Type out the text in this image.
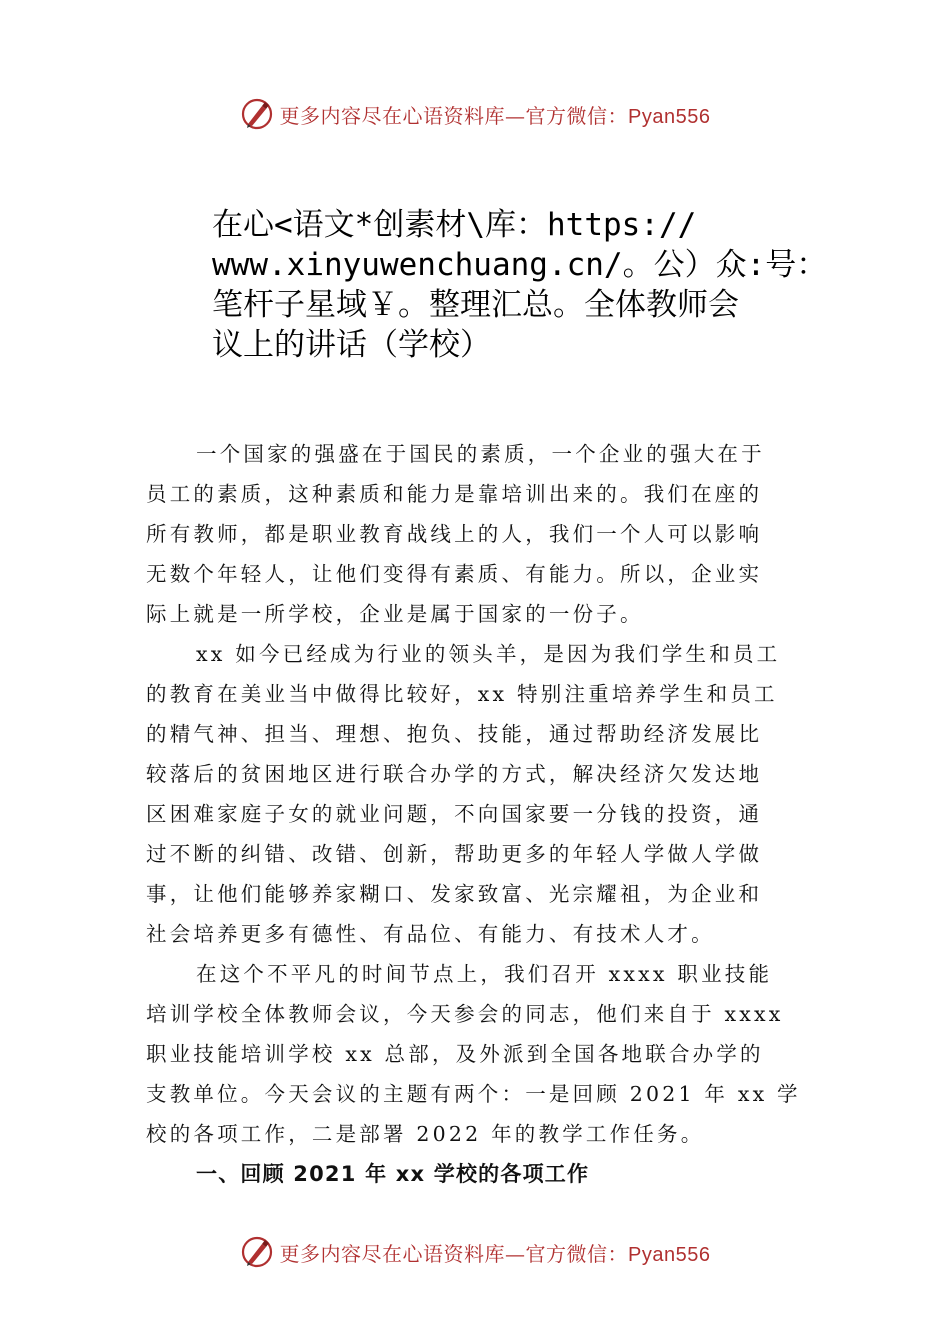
更多内容尽在心语资料库—官方微信：Pyan556
在心<语文*创素材\库：https://
www.xinyuwenchuang.cn/。公）众:号：
笔杆子星域￥。整理汇总。全体教师会
议上的讲话（学校）

一个国家的强盛在于国民的素质，一个企业的强大在于
员工的素质，这种素质和能力是靠培训出来的。我们在座的
所有教师，都是职业教育战线上的人，我们一个人可以影响
无数个年轻人，让他们变得有素质、有能力。所以，企业实
际上就是一所学校，企业是属于国家的一份子。

xx 如今已经成为行业的领头羊，是因为我们学生和员工
的教育在美业当中做得比较好，xx 特别注重培养学生和员工
的精气神、担当、理想、抱负、技能，通过帮助经济发展比
较落后的贫困地区进行联合办学的方式，解决经济欠发达地
区困难家庭子女的就业问题，不向国家要一分钱的投资，通
过不断的纠错、改错、创新，帮助更多的年轻人学做人学做
事，让他们能够养家糊口、发家致富、光宗耀祖，为企业和
社会培养更多有德性、有品位、有能力、有技术人才。

在这个不平凡的时间节点上，我们召开 xxxx 职业技能
培训学校全体教师会议，今天参会的同志，他们来自于 xxxx
职业技能培训学校 xx 总部，及外派到全国各地联合办学的
支教单位。今天会议的主题有两个：一是回顾 2021 年 xx 学
校的各项工作，二是部署 2022 年的教学工作任务。

一、回顾 2021 年 xx 学校的各项工作

更多内容尽在心语资料库—官方微信：Pyan556
